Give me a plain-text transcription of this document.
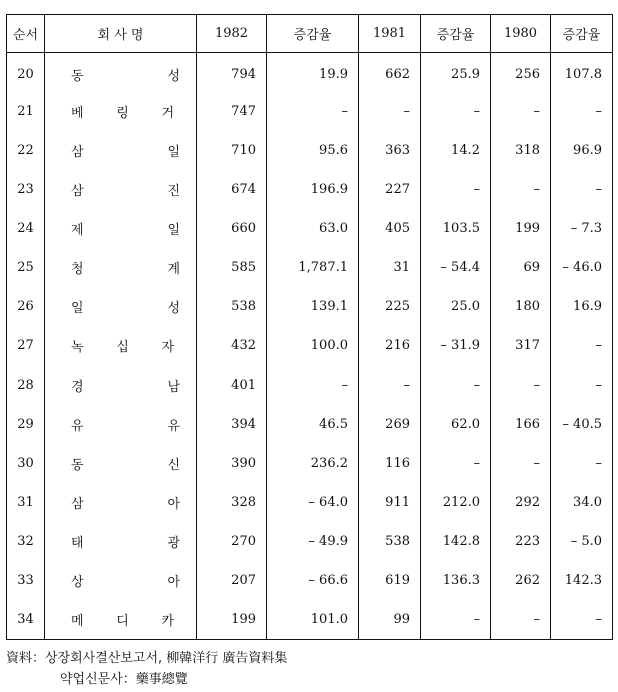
순서	회 사 명	1982	증감율	1981	증감율	1980	증감율
20	동 성	794	19.9	662	25.9	256	107.8
21	베 링 거	747	–	–	–	–	–
22	삼 일	710	95.6	363	14.2	318	96.9
23	삼 진	674	196.9	227	–	–	–
24	제 일	660	63.0	405	103.5	199	– 7.3
25	청 계	585	1,787.1	31	– 54.4	69	– 46.0
26	일 성	538	139.1	225	25.0	180	16.9
27	녹 십 자	432	100.0	216	– 31.9	317	–
28	경 남	401	–	–	–	–	–
29	유 유	394	46.5	269	62.0	166	– 40.5
30	동 신	390	236.2	116	–	–	–
31	삼 아	328	– 64.0	911	212.0	292	34.0
32	태 광	270	– 49.9	538	142.8	223	– 5.0
33	상 아	207	– 66.6	619	136.3	262	142.3
34	메 디 카	199	101.0	99	–	–	–
資料：상장회사결산보고서, 柳韓洋行 廣告資料集
약업신문사：藥事總覽
